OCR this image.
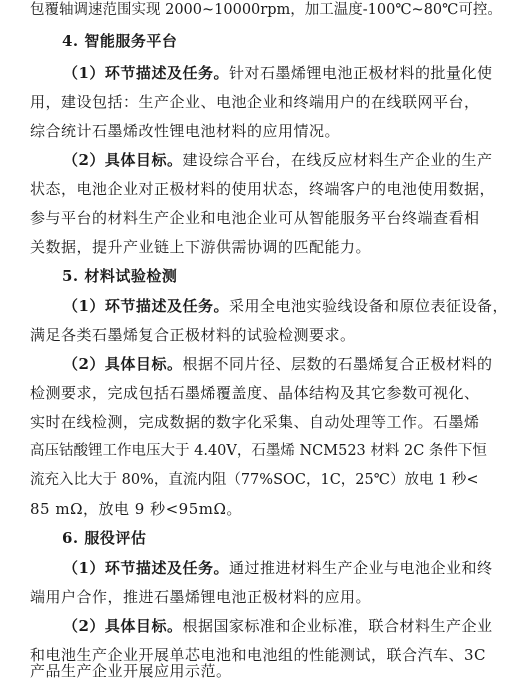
包覆轴调速范围实现 2000~10000rpm，加工温度-100℃~80℃可控。
4. 智能服务平台
（1）环节描述及任务。针对石墨烯锂电池正极材料的批量化使
用，建设包括：生产企业、电池企业和终端用户的在线联网平台，
综合统计石墨烯改性锂电池材料的应用情况。
（2）具体目标。建设综合平台，在线反应材料生产企业的生产
状态，电池企业对正极材料的使用状态，终端客户的电池使用数据，
参与平台的材料生产企业和电池企业可从智能服务平台终端查看相
关数据，提升产业链上下游供需协调的匹配能力。
5. 材料试验检测
（1）环节描述及任务。采用全电池实验线设备和原位表征设备，
满足各类石墨烯复合正极材料的试验检测要求。
（2）具体目标。根据不同片径、层数的石墨烯复合正极材料的
检测要求，完成包括石墨烯覆盖度、晶体结构及其它参数可视化、
实时在线检测，完成数据的数字化采集、自动处理等工作。石墨烯
高压钴酸锂工作电压大于 4.40V，石墨烯 NCM523 材料 2C 条件下恒
流充入比大于 80%，直流内阻（77%SOC，1C，25℃）放电 1 秒<
85 mΩ，放电 9 秒<95mΩ。
6. 服役评估
（1）环节描述及任务。通过推进材料生产企业与电池企业和终
端用户合作，推进石墨烯锂电池正极材料的应用。
（2）具体目标。根据国家标准和企业标准，联合材料生产企业
和电池生产企业开展单芯电池和电池组的性能测试，联合汽车、3C
产品生产企业开展应用示范。
